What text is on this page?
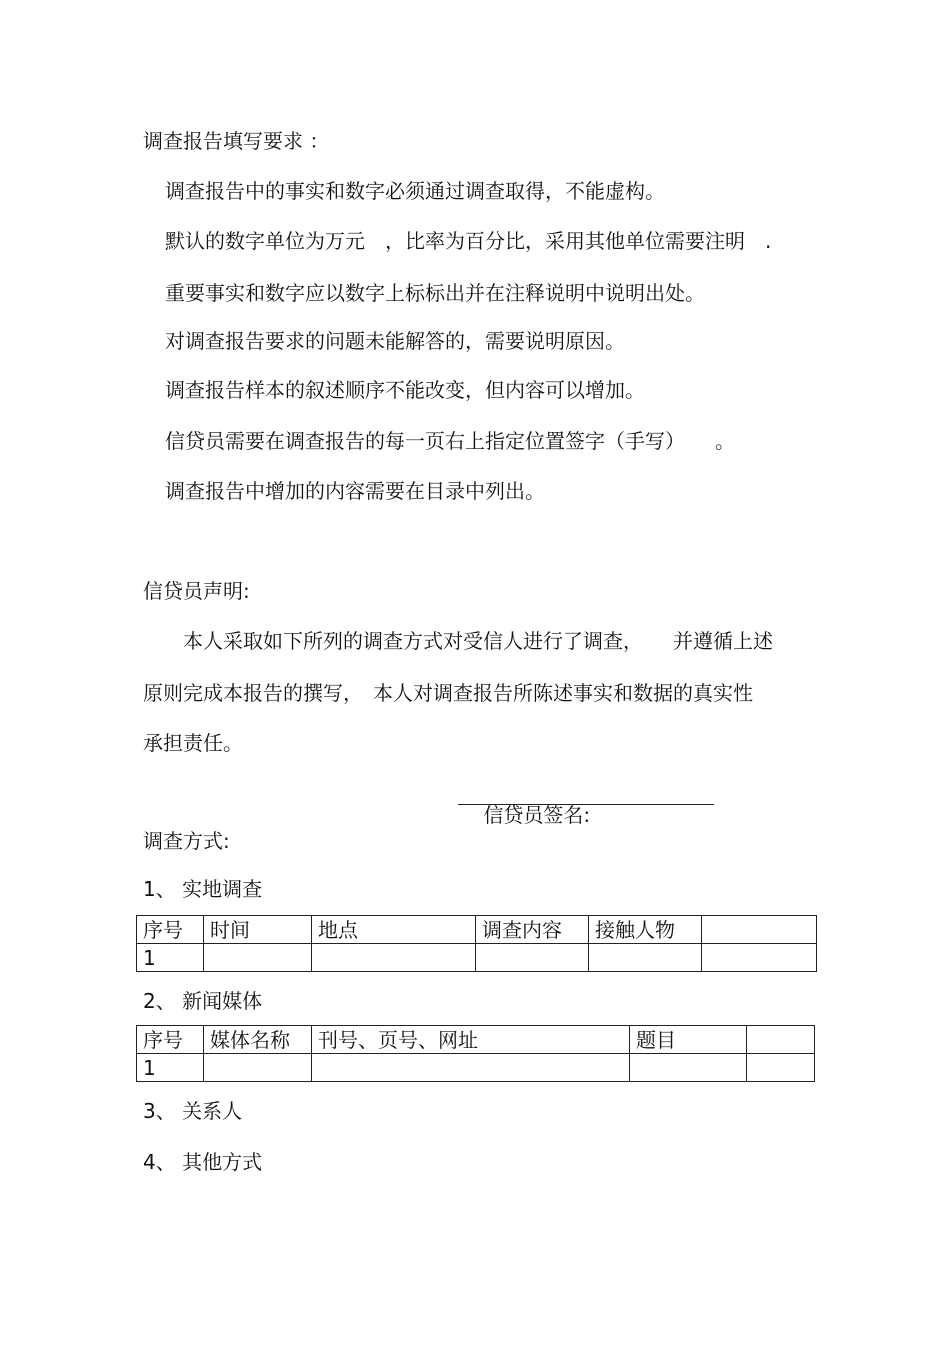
调查报告填写要求 ：
调查报告中的事实和数字必须通过调查取得，不能虚构。
默认的数字单位为万元　，比率为百分比，采用其他单位需要注明　.
重要事实和数字应以数字上标标出并在注释说明中说明出处。
对调查报告要求的问题未能解答的，需要说明原因。
调查报告样本的叙述顺序不能改变，但内容可以增加。
信贷员需要在调查报告的每一页右上指定位置签字（手写）　　。
调查报告中增加的内容需要在目录中列出。
信贷员声明:
　　本人采取如下所列的调查方式对受信人进行了调查，　　并遵循上述
原则完成本报告的撰写，　本人对调查报告所陈述事实和数据的真实性
承担责任。

信贷员签名:

调查方式:
1、 实地调查
序号	时间	地点	调查内容	接触人物	
1					
2、 新闻媒体
序号	媒体名称	刊号、页号、网址	题目	
1				
3、 关系人
4、 其他方式
